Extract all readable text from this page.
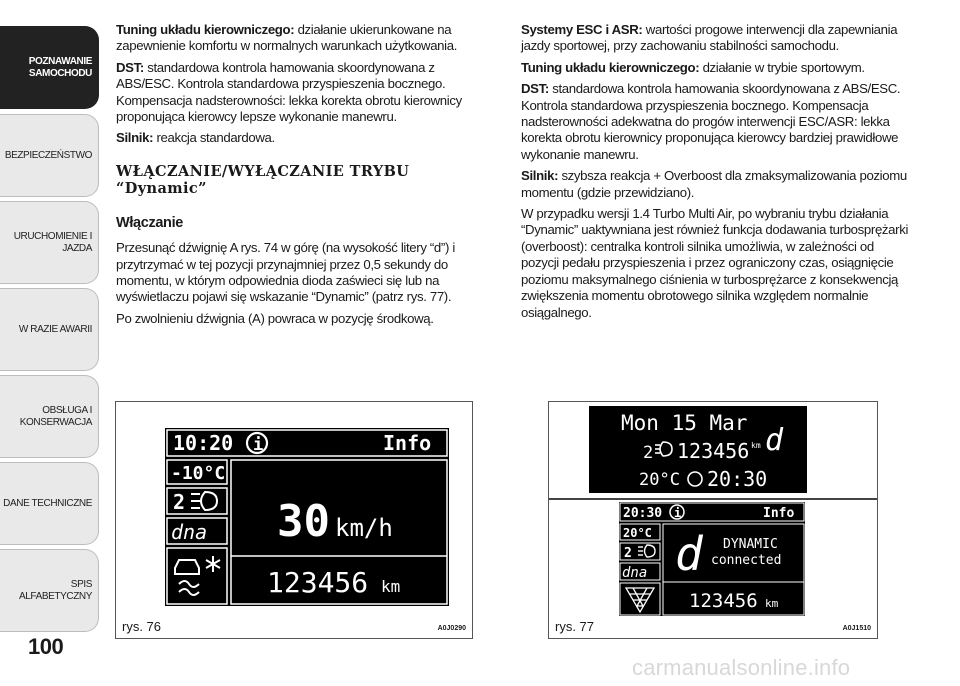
POZNAWANIE
SAMOCHODU
BEZPIECZEŃSTWO
URUCHOMIENIE I
JAZDA
W RAZIE AWARII
OBSŁUGA I
KONSERWACJA
DANE TECHNICZNE
SPIS ALFABETYCZNY
100

Tuning układu kierowniczego: działanie ukierunkowane na zapewnienie komfortu w normalnych warunkach użytkowania.

DST: standardowa kontrola hamowania skoordynowana z ABS/ESC. Kontrola standardowa przyspieszenia bocznego. Kompensacja nadsterowności: lekka korekta obrotu kierownicy proponująca kierowcy lepsze wykonanie manewru.

Silnik: reakcja standardowa.

WŁĄCZANIE/WYŁĄCZANIE TRYBU
“Dynamic”
Włączanie

Przesunąć dźwignię A rys. 74 w górę (na wysokość litery “d”) i przytrzymać w tej pozycji przynajmniej przez 0,5 sekundy do momentu, w którym odpowiednia dioda zaświeci się lub na wyświetlaczu pojawi się wskazanie “Dynamic” (patrz rys. 77).

Po zwolnieniu dźwignia (A) powraca w pozycję środkową.

Systemy ESC i ASR: wartości progowe interwencji dla zapewniania jazdy sportowej, przy zachowaniu stabilności samochodu.

Tuning układu kierowniczego: działanie w trybie sportowym.

DST: standardowa kontrola hamowania skoordynowana z ABS/ESC. Kontrola standardowa przyspieszenia bocznego. Kompensacja nadsterowności adekwatna do progów interwencji ESC/ASR: lekka korekta obrotu kierownicy proponująca kierowcy bardziej prawidłowe wykonanie manewru.

Silnik: szybsza reakcja + Overboost dla zmaksymalizowania poziomu momentu (gdzie przewidziano).

W przypadku wersji 1.4 Turbo Multi Air, po wybraniu trybu działania “Dynamic” uaktywniana jest również funkcja dodawania turbosprężarki (overboost): centralka kontroli silnika umożliwia, w zależności od pozycji pedału przyspieszenia i przez ograniczony czas, osiągnięcie poziomu maksymalnego ciśnienia w turbosprężarce z konsekwencją zwiększenia momentu obrotowego silnika względem normalnie osiągalnego.

10:20 i	Info
-10°C
2
dna 30 km/h
123456 km
rys. 76	A0J0290
Mon 15 Mar
2 123456 km d
20°C 20:30
20:30 i	Info
20°C
2
dna d DYNAMIC
connected
123456 km
rys. 77	A0J1510
carmanualsonline.info
